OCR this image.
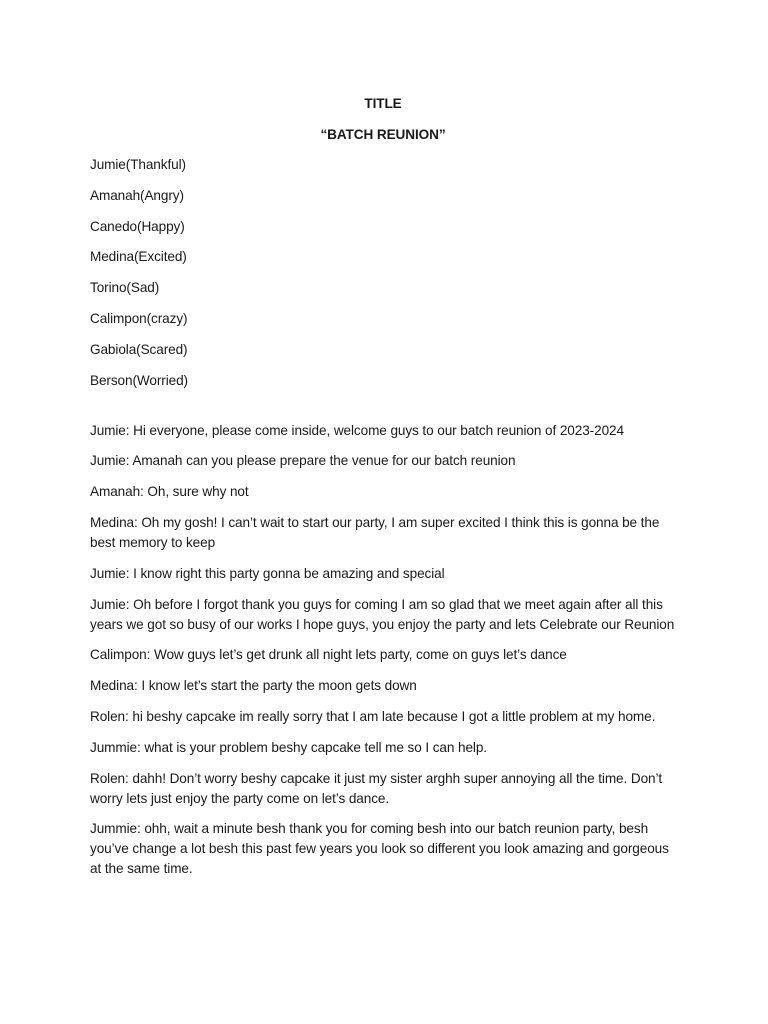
TITLE

“BATCH REUNION”

Jumie(Thankful)

Amanah(Angry)

Canedo(Happy)

Medina(Excited)

Torino(Sad)

Calimpon(crazy)

Gabiola(Scared)

Berson(Worried)

Jumie: Hi everyone, please come inside, welcome guys to our batch reunion of 2023-2024

Jumie: Amanah can you please prepare the venue for our batch reunion

Amanah: Oh, sure why not

Medina: Oh my gosh! I can’t wait to start our party, I am super excited I think this is gonna be the best memory to keep

Jumie: I know right this party gonna be amazing and special

Jumie: Oh before I forgot thank you guys for coming I am so glad that we meet again after all this years we got so busy of our works I hope guys, you enjoy the party and lets Celebrate our Reunion

Calimpon: Wow guys let’s get drunk all night lets party, come on guys let’s dance

Medina: I know let’s start the party the moon gets down

Rolen: hi beshy capcake im really sorry that I am late because I got a little problem at my home.

Jummie: what is your problem beshy capcake tell me so I can help.

Rolen: dahh! Don’t worry beshy capcake it just my sister arghh super annoying all the time. Don’t worry lets just enjoy the party come on let’s dance.

Jummie: ohh, wait a minute besh thank you for coming besh into our batch reunion party, besh you’ve change a lot besh this past few years you look so different you look amazing and gorgeous at the same time.
